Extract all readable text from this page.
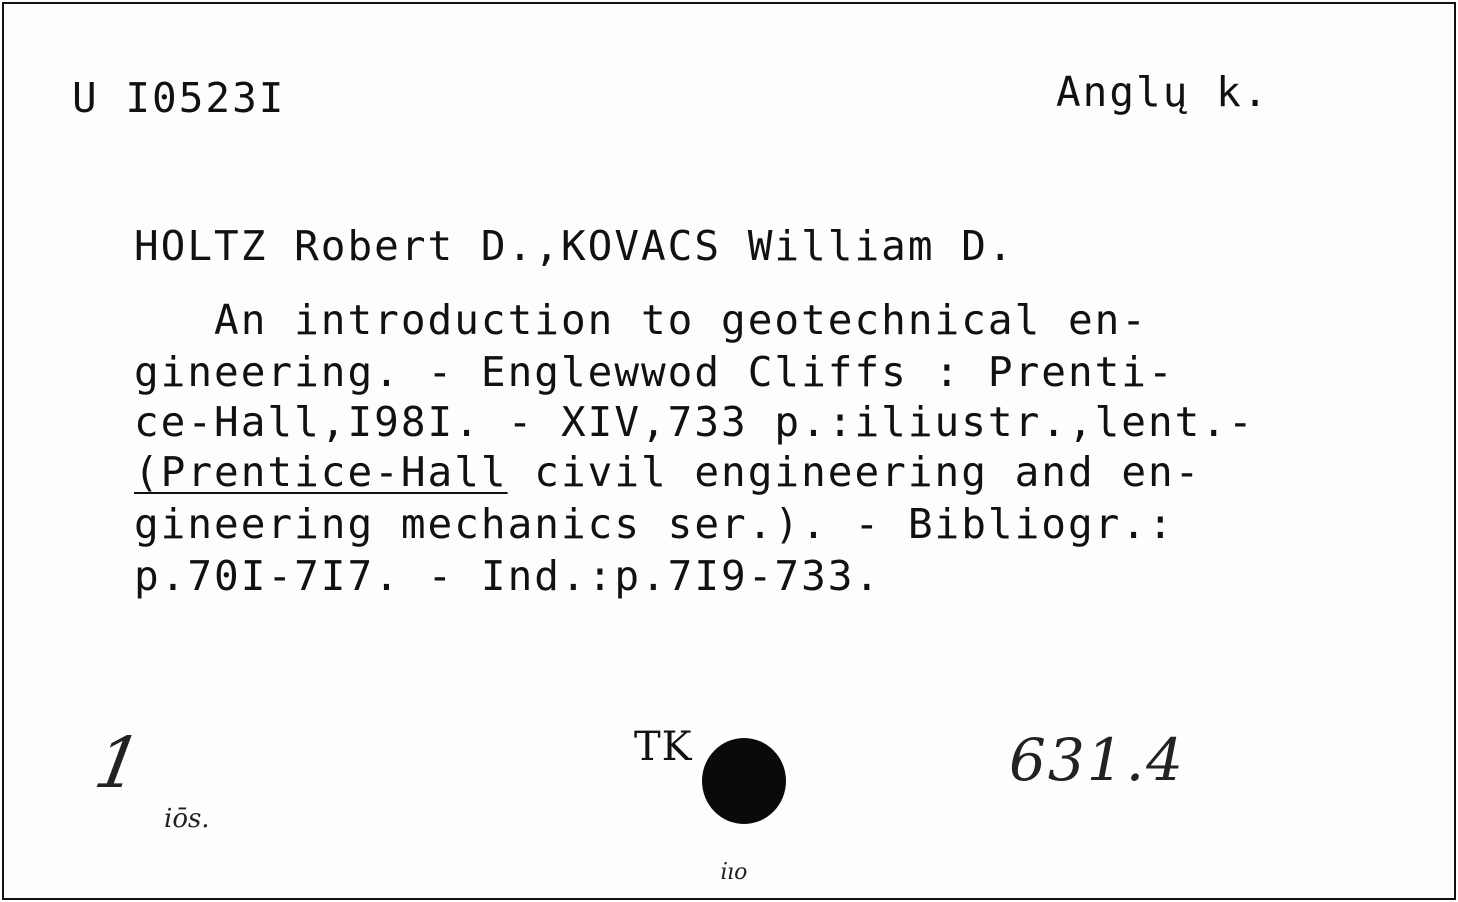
U I0523I	Anglų k.
HOLTZ Robert D.,KOVACS William D.
An introduction to geotechnical en-
gineering. - Englewwod Cliffs : Prenti-
ce-Hall,I98I. - XIV,733 p.:iliustr.,lent.-
(Prentice-Hall civil engineering and en-
gineering mechanics ser.). - Bibliogr.:
p.70I-7I7. - Ind.:p.7I9-733.
1
iōs.
TK	631.4
ı̇ıo
